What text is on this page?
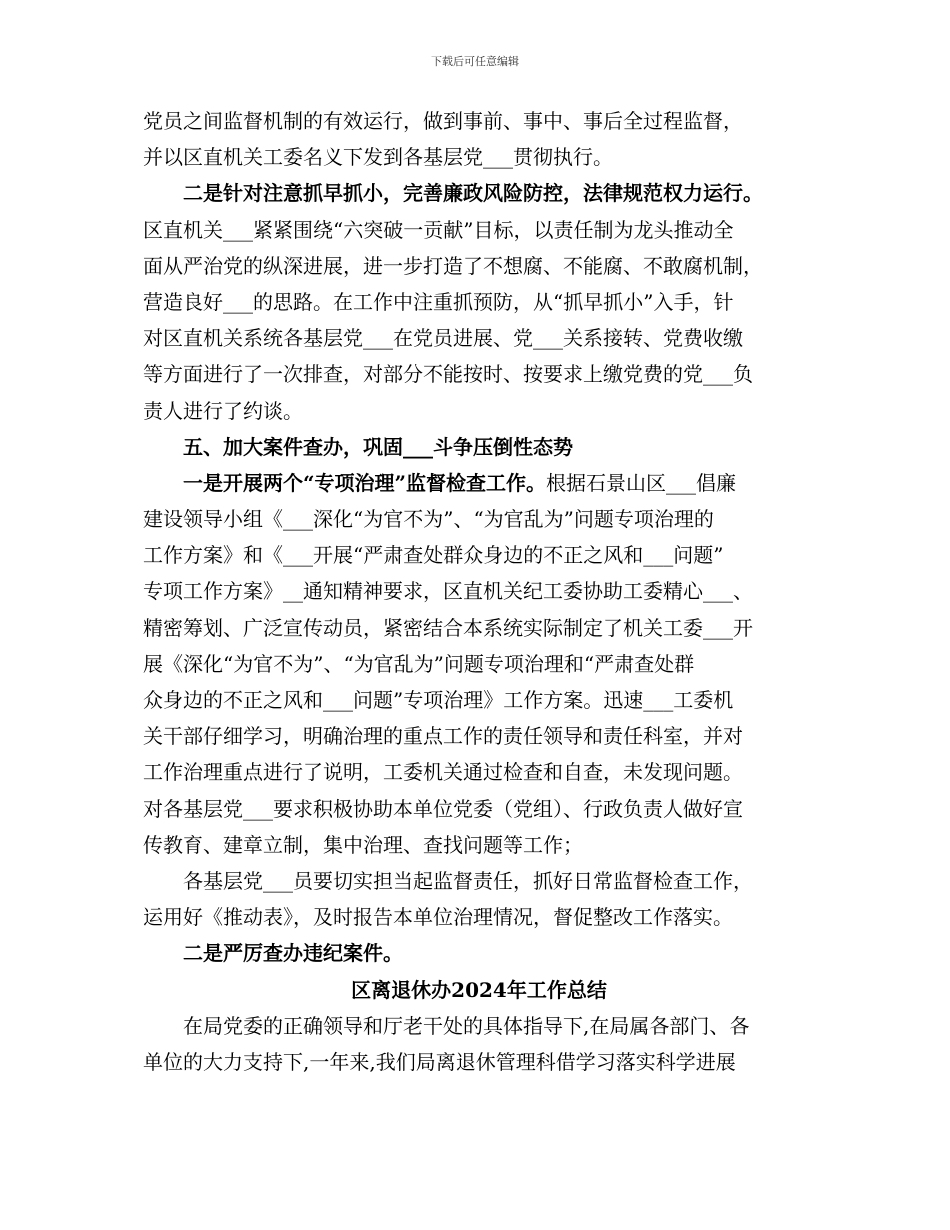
下载后可任意编辑
党员之间监督机制的有效运行，做到事前、事中、事后全过程监督，
并以区直机关工委名义下发到各基层党___贯彻执行。
二是针对注意抓早抓小，完善廉政风险防控，法律规范权力运行。
区直机关___紧紧围绕“六突破一贡献”目标，以责任制为龙头推动全
面从严治党的纵深进展，进一步打造了不想腐、不能腐、不敢腐机制，
营造良好___的思路。在工作中注重抓预防，从“抓早抓小”入手，针
对区直机关系统各基层党___在党员进展、党___关系接转、党费收缴
等方面进行了一次排查，对部分不能按时、按要求上缴党费的党___负
责人进行了约谈。
五、加大案件查办，巩固___斗争压倒性态势
一是开展两个“专项治理”监督检查工作。根据石景山区___倡廉
建设领导小组《___深化“为官不为”、“为官乱为”问题专项治理的
工作方案》和《___开展“严肃查处群众身边的不正之风和___问题”
专项工作方案》__通知精神要求，区直机关纪工委协助工委精心___、
精密筹划、广泛宣传动员，紧密结合本系统实际制定了机关工委___开
展《深化“为官不为”、“为官乱为”问题专项治理和“严肃查处群
众身边的不正之风和___问题”专项治理》工作方案。迅速___工委机
关干部仔细学习，明确治理的重点工作的责任领导和责任科室，并对
工作治理重点进行了说明，工委机关通过检查和自查，未发现问题。
对各基层党___要求积极协助本单位党委（党组）、行政负责人做好宣
传教育、建章立制，集中治理、查找问题等工作；
各基层党___员要切实担当起监督责任，抓好日常监督检查工作，
运用好《推动表》，及时报告本单位治理情况，督促整改工作落实。
二是严厉查办违纪案件。
区离退休办2024年工作总结
在局党委的正确领导和厅老干处的具体指导下,在局属各部门、各
单位的大力支持下,一年来,我们局离退休管理科借学习落实科学进展
